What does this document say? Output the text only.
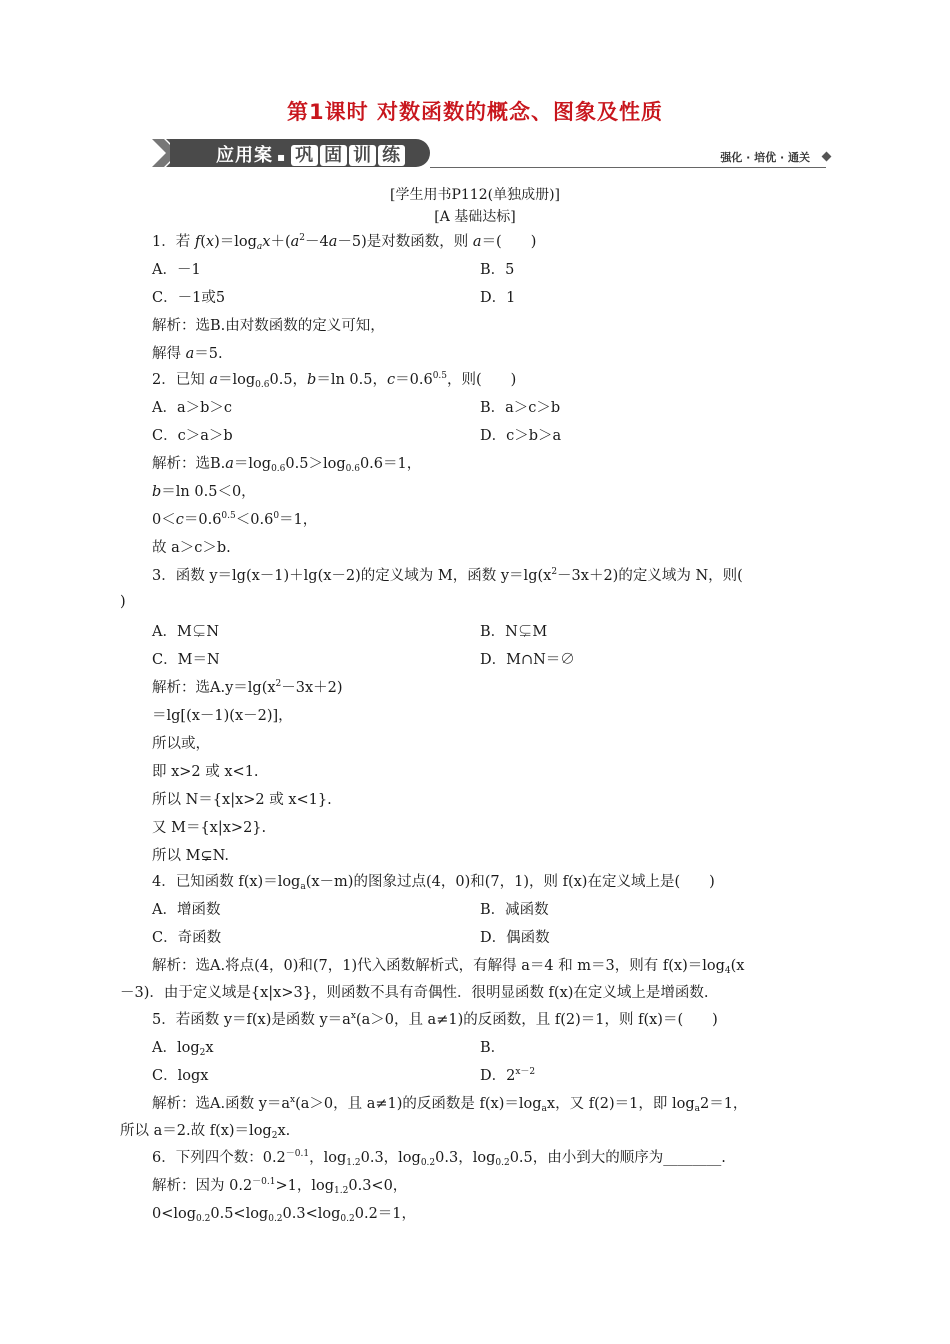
第1课时 对数函数的概念、图象及性质
应用案 ▪ 巩 固 训 练	强化 · 培优 · 通关
[学生用书P112(单独成册)]
[A 基础达标]
1．若 $f(x)=\log_ax+(a^2-4a-5)$是对数函数，则 a＝(　　)
A．－1	B．5
C．－1或5	D．1
解析：选B.由对数函数的定义可知，
解得 a＝5.
2．已知 $a=\log_{0.6}0.5$，b＝ln 0.5，$c=0.6^{0.5}$，则(　　)
A．a＞b＞c	B．a＞c＞b
C．c＞a＞b	D．c＞b＞a
解析：选$B.a=\log_{0.6}0.5>\log_{0.6}0.6=1$，
b＝ln 0.5＜0，
$0<c=0.6^{0.5}<0.6^0=1$，
故 a＞c＞b.
3．函数 y＝lg(x－1)＋lg(x－2)的定义域为 M，函数 $y=\lg(x^2-3x+2)$的定义域为 N，则(
)
A．M⊊N	B．N⊊M
C．M＝N	D．M∩N＝∅
解析：选$A.y=\lg(x^2-3x+2)$
＝lg[(x－1)(x－2)]，
所以或，
即 x>2 或 x<1.
所以 N＝{x|x>2 或 x<1}.
又 M＝{x|x>2}.
所以 M⊊N.
4．已知函数 $f(x)=\log_a(x-m)$的图象过点(4，0)和(7，1)，则 f(x)在定义域上是(　　)
A．增函数	B．减函数
C．奇函数	D．偶函数
解析：选A.将点(4，0)和(7，1)代入函数解析式，有解得 a＝4 和 m＝3，则有 $f(x)=\log_4(x$
－3)．由于定义域是{x|x>3}，则函数不具有奇偶性．很明显函数 f(x)在定义域上是增函数.
5．若函数 y＝f(x)是函数 $y=a^x(a>0$，且 a≠1)的反函数，且 f(2)＝1，则 f(x)＝(　　)
A．$\log_2x$	B．
C．logx	D．$2^{x-2}$
解析：选A.函数 $y=a^x(a>0$，且 a≠1)的反函数是 $f(x)=\log_ax$，又 f(2)＝1，即 $\log_a2=1$，
所以 a＝2.故 $f(x)=\log_2x$.
6．下列四个数：$0.2^{-0.1}$，$\log_{1.2}0.3$，$\log_{0.2}0.3$，$\log_{0.2}0.5$，由小到大的顺序为________.
解析：因为 $0.2^{-0.1}>1$，$\log_{1.2}0.3<0$，
$0<\log_{0.2}0.5<\log_{0.2}0.3<\log_{0.2}0.2=1$，
